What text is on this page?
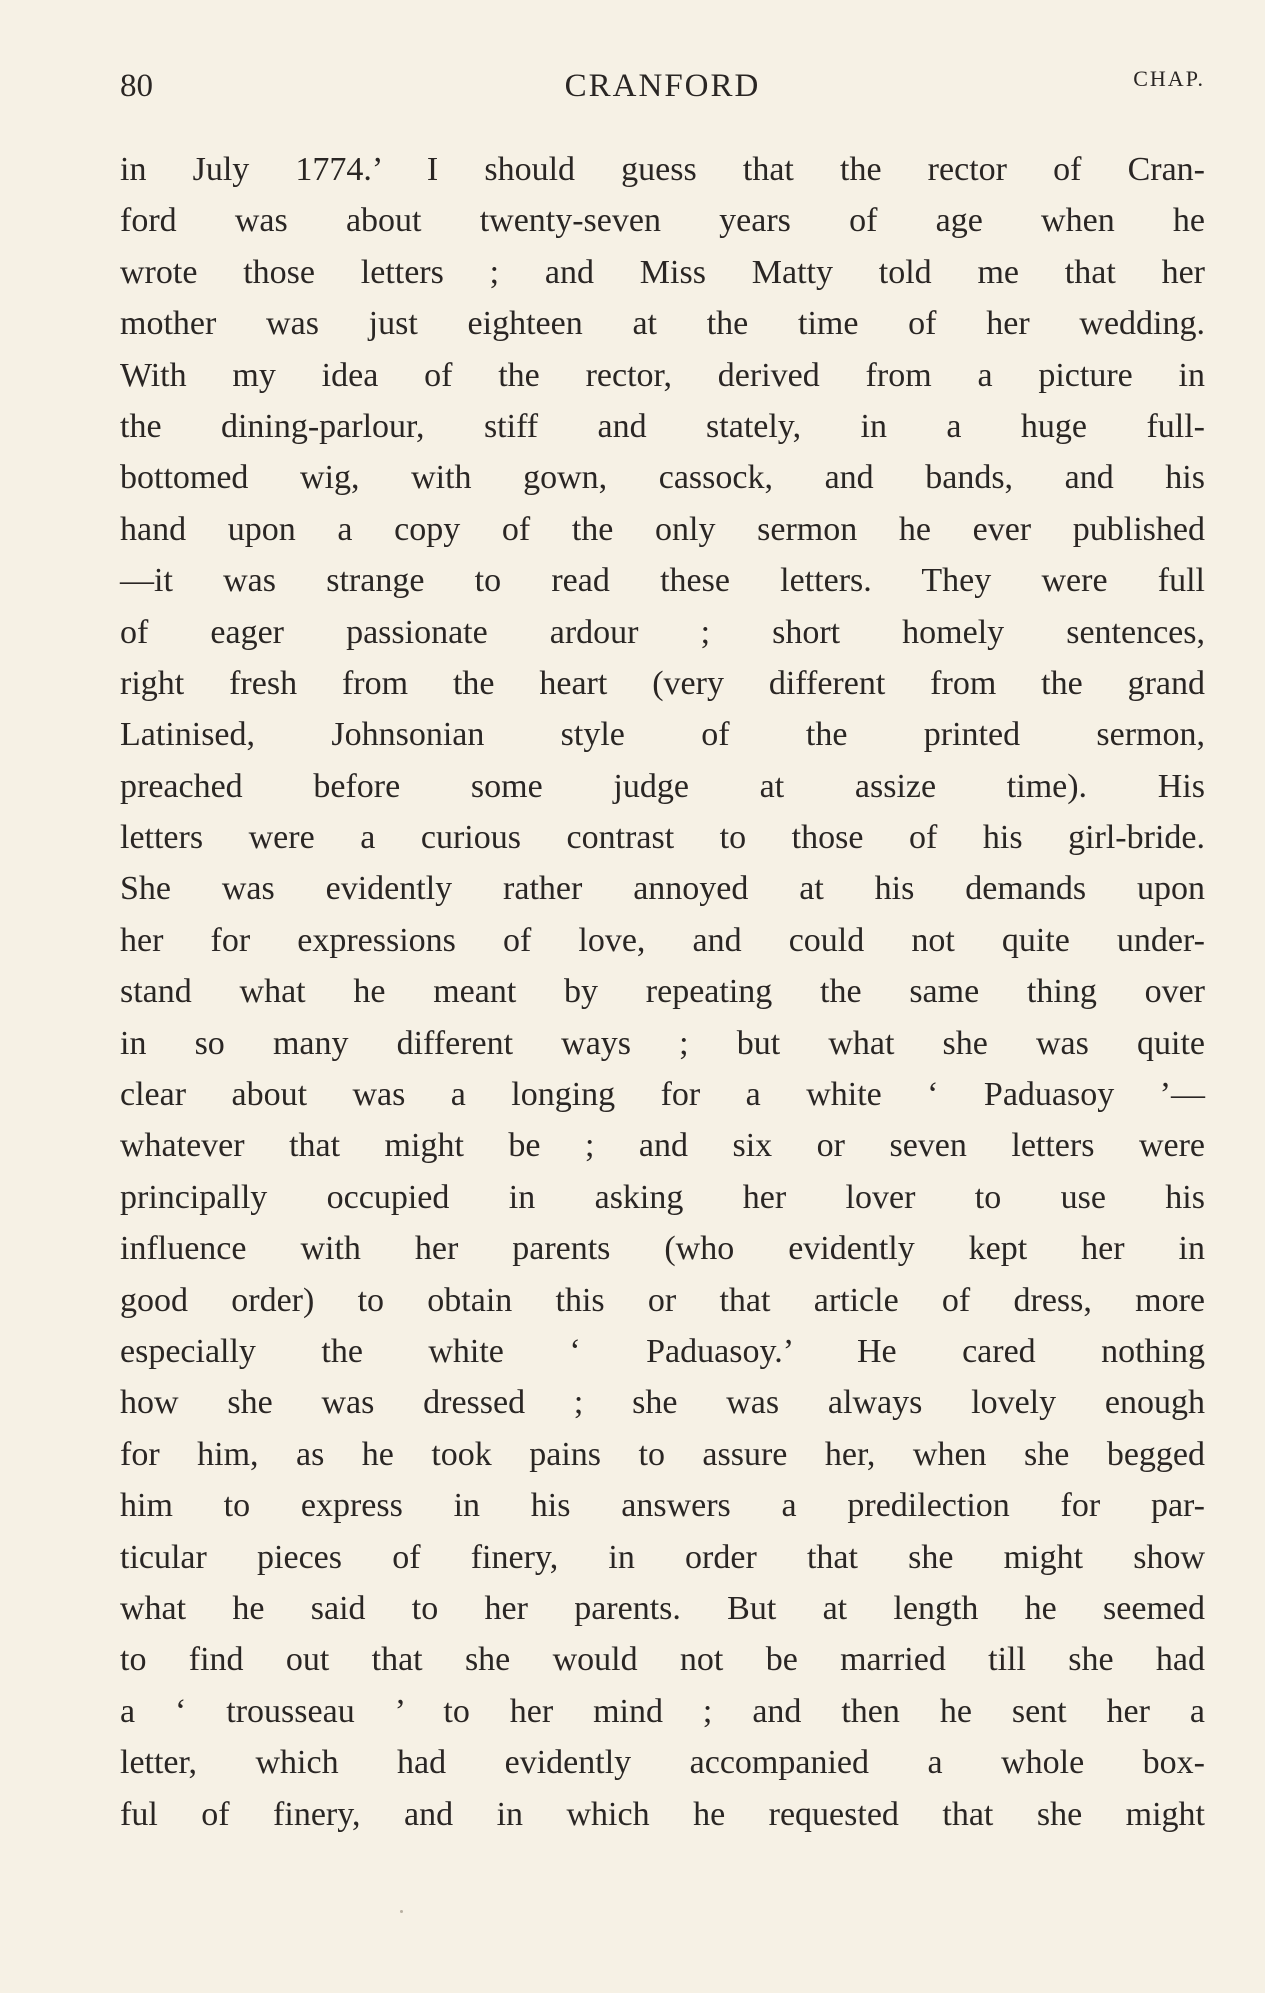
80	CRANFORD	CHAP.
in July 1774.’ I should guess that the rector of Cran-
ford was about twenty-seven years of age when he
wrote those letters ; and Miss Matty told me that her
mother was just eighteen at the time of her wedding.
With my idea of the rector, derived from a picture in
the dining-parlour, stiff and stately, in a huge full-
bottomed wig, with gown, cassock, and bands, and his
hand upon a copy of the only sermon he ever published
—it was strange to read these letters. They were full
of eager passionate ardour ; short homely sentences,
right fresh from the heart (very different from the grand
Latinised, Johnsonian style of the printed sermon,
preached before some judge at assize time). His
letters were a curious contrast to those of his girl-bride.
She was evidently rather annoyed at his demands upon
her for expressions of love, and could not quite under-
stand what he meant by repeating the same thing over
in so many different ways ; but what she was quite
clear about was a longing for a white ‘ Paduasoy ’—
whatever that might be ; and six or seven letters were
principally occupied in asking her lover to use his
influence with her parents (who evidently kept her in
good order) to obtain this or that article of dress, more
especially the white ‘ Paduasoy.’ He cared nothing
how she was dressed ; she was always lovely enough
for him, as he took pains to assure her, when she begged
him to express in his answers a predilection for par-
ticular pieces of finery, in order that she might show
what he said to her parents. But at length he seemed
to find out that she would not be married till she had
a ‘ trousseau ’ to her mind ; and then he sent her a
letter, which had evidently accompanied a whole box-
ful of finery, and in which he requested that she might
